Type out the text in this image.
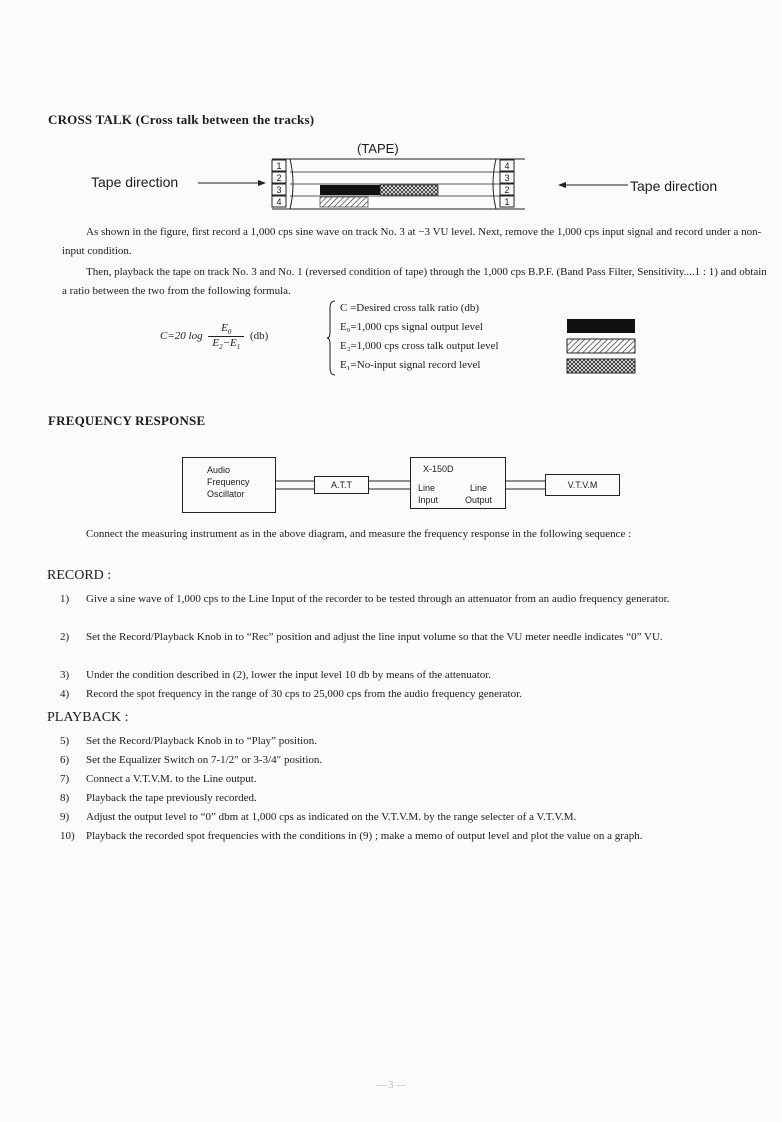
CROSS TALK (Cross talk between the tracks)
(TAPE)
Tape direction	Tape direction
1
2
3
4
4
3
2
1
As shown in the figure, first record a 1,000 cps sine wave on track No. 3 at −3 VU level. Next, remove the 1,000 cps input signal and record under a non-input condition.
Then, playback the tape on track No. 3 and No. 1 (reversed condition of tape) through the 1,000 cps B.P.F. (Band Pass Filter, Sensitivity....1 : 1) and obtain a ratio between the two from the following formula.
C=20 $\log \frac{E_0}{E_2-E_1} (db)$
C =Desired cross talk ratio (db)
E₀=1,000 cps signal output level
E₂=1,000 cps cross talk output level
E₁=No-input signal record level
FREQUENCY RESPONSE
Audio
Frequency
Oscillator
A.T.T
X-150D
Line
Input
Line
Output
V.T.V.M
Connect the measuring instrument as in the above diagram, and measure the frequency response in the following sequence :
RECORD :
1)	Give a sine wave of 1,000 cps to the Line Input of the recorder to be tested through an attenuator from an audio frequency generator.
2)	Set the Record/Playback Knob in to “Rec” position and adjust the line input volume so that the VU meter needle indicates “0” VU.
3)	Under the condition described in (2), lower the input level 10 db by means of the attenuator.
4)	Record the spot frequency in the range of 30 cps to 25,000 cps from the audio frequency generator.
PLAYBACK :
5)	Set the Record/Playback Knob in to “Play” position.
6)	Set the Equalizer Switch on 7-1/2″ or 3-3/4″ position.
7)	Connect a V.T.V.M. to the Line output.
8)	Playback the tape previously recorded.
9)	Adjust the output level to “0” dbm at 1,000 cps as indicated on the V.T.V.M. by the range selecter of a V.T.V.M.
10)	Playback the recorded spot frequencies with the conditions in (9) ; make a memo of output level and plot the value on a graph.
— 3 —
